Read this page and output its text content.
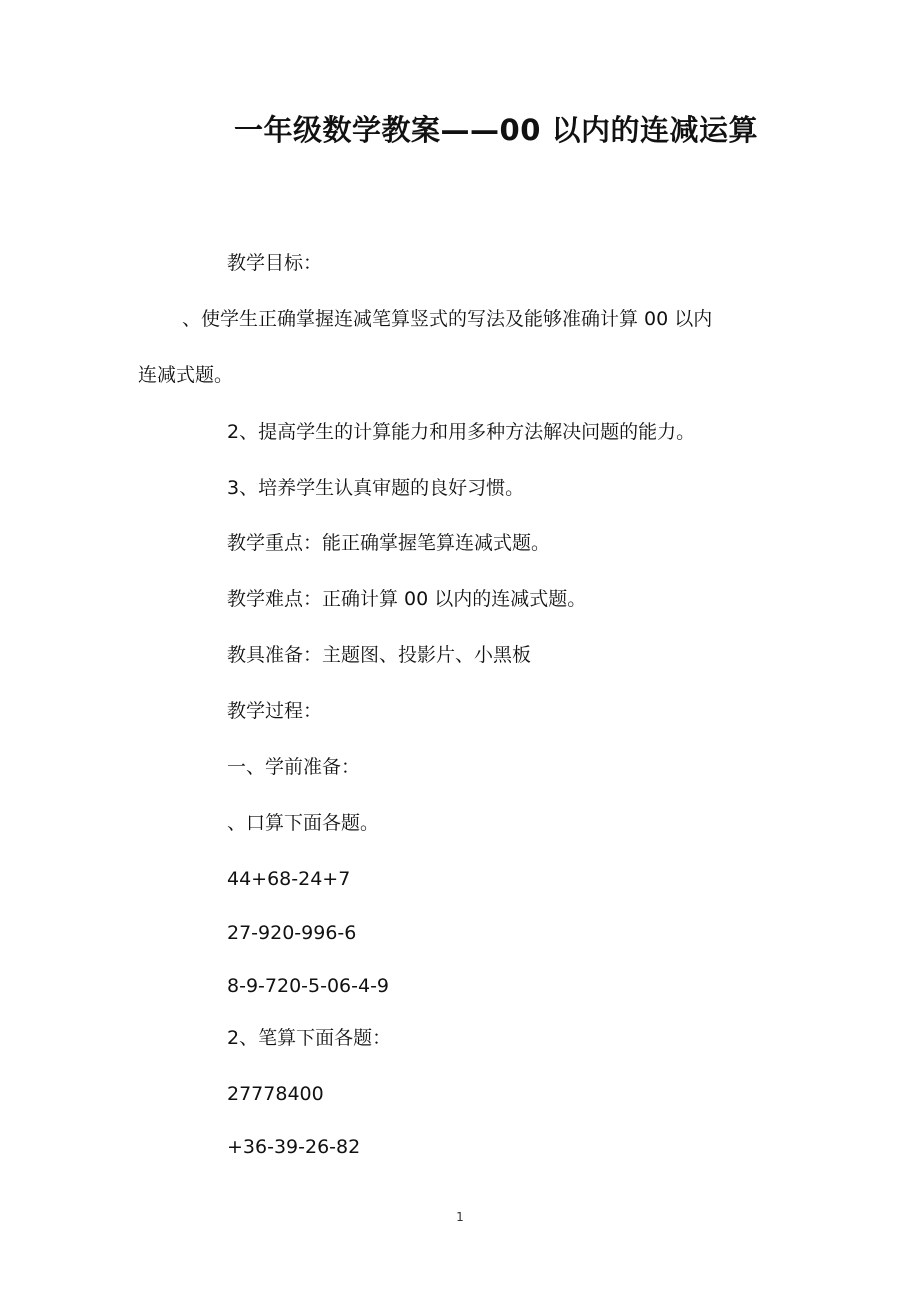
一年级数学教案——00 以内的连减运算
教学目标：
、使学生正确掌握连减笔算竖式的写法及能够准确计算 00 以内
连减式题。
2、提高学生的计算能力和用多种方法解决问题的能力。
3、培养学生认真审题的良好习惯。
教学重点：能正确掌握笔算连减式题。
教学难点：正确计算 00 以内的连减式题。
教具准备：主题图、投影片、小黑板
教学过程：
一、学前准备：
、口算下面各题。
44+68-24+7
27-920-996-6
8-9-720-5-06-4-9
2、笔算下面各题：
27778400
+36-39-26-82
1
